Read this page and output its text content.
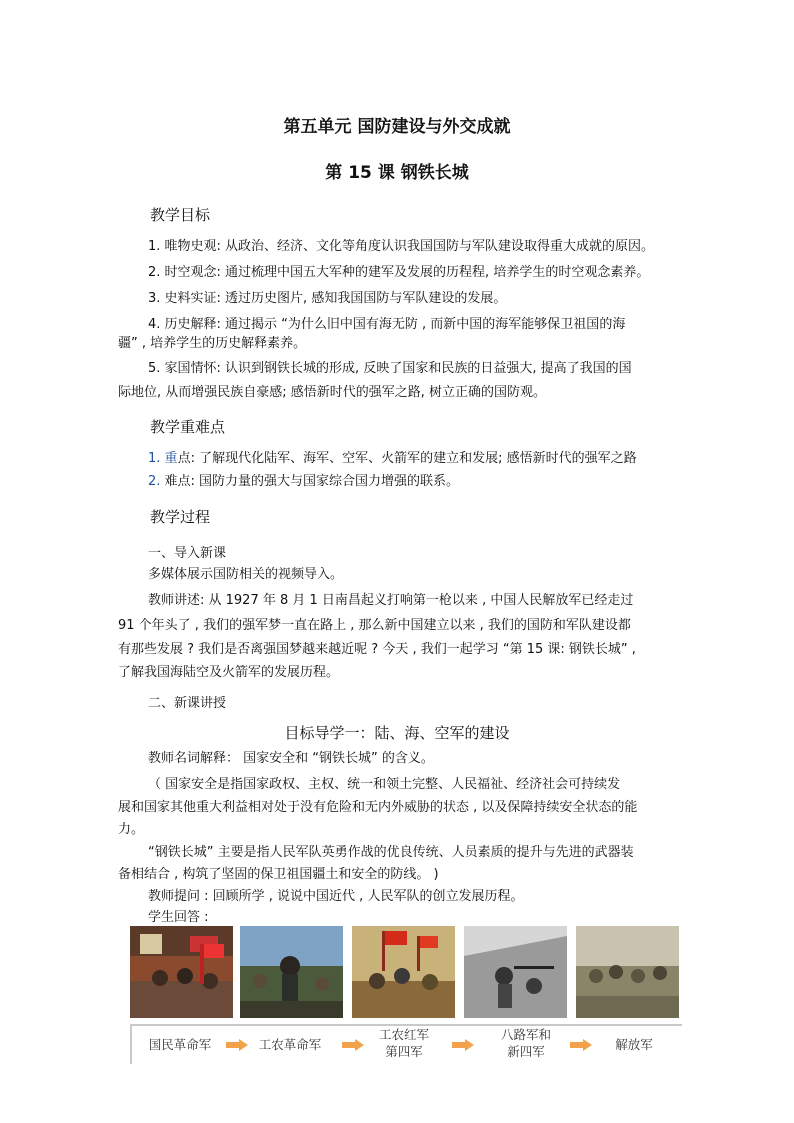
第五单元 国防建设与外交成就
第 15 课 钢铁长城
教学目标
1. 唯物史观: 从政治、经济、文化等角度认识我国国防与军队建设取得重大成就的原因。
2. 时空观念: 通过梳理中国五大军种的建军及发展的历程程, 培养学生的时空观念素养。
3. 史料实证: 透过历史图片, 感知我国国防与军队建设的发展。
4. 历史解释: 通过揭示 “为什么旧中国有海无防 , 而新中国的海军能够保卫祖国的海
疆” , 培养学生的历史解释素养。
5. 家国情怀: 认识到钢铁长城的形成, 反映了国家和民族的日益强大, 提高了我国的国
际地位, 从而增强民族自豪感; 感悟新时代的强军之路, 树立正确的国防观。
教学重难点
1. 重点: 了解现代化陆军、海军、空军、火箭军的建立和发展; 感悟新时代的强军之路
2. 难点: 国防力量的强大与国家综合国力增强的联系。
教学过程
一、导入新课
多媒体展示国防相关的视频导入。
教师讲述: 从 1927 年 8 月 1 日南昌起义打响第一枪以来 , 中国人民解放军已经走过
91 个年头了 , 我们的强军梦一直在路上 , 那么新中国建立以来 , 我们的国防和军队建设都
有那些发展 ? 我们是否离强国梦越来越近呢 ? 今天 , 我们一起学习 “第 15 课: 钢铁长城” ,
了解我国海陆空及火箭军的发展历程。
二、新课讲授
目标导学一：陆、海、空军的建设
教师名词解释： 国家安全和 “钢铁长城” 的含义。
（ 国家安全是指国家政权、主权、统一和领土完整、人民福祉、经济社会可持续发
展和国家其他重大利益相对处于没有危险和无内外威胁的状态 , 以及保障持续安全状态的能
力。
“钢铁长城” 主要是指人民军队英勇作战的优良传统、人员素质的提升与先进的武器装
备相结合 , 构筑了坚固的保卫祖国疆土和安全的防线。 )
教师提问 : 回顾所学 , 说说中国近代 , 人民军队的创立发展历程。
学生回答 :
国民革命军	工农革命军
工农红军
第四军
八路军和
新四军	解放军
